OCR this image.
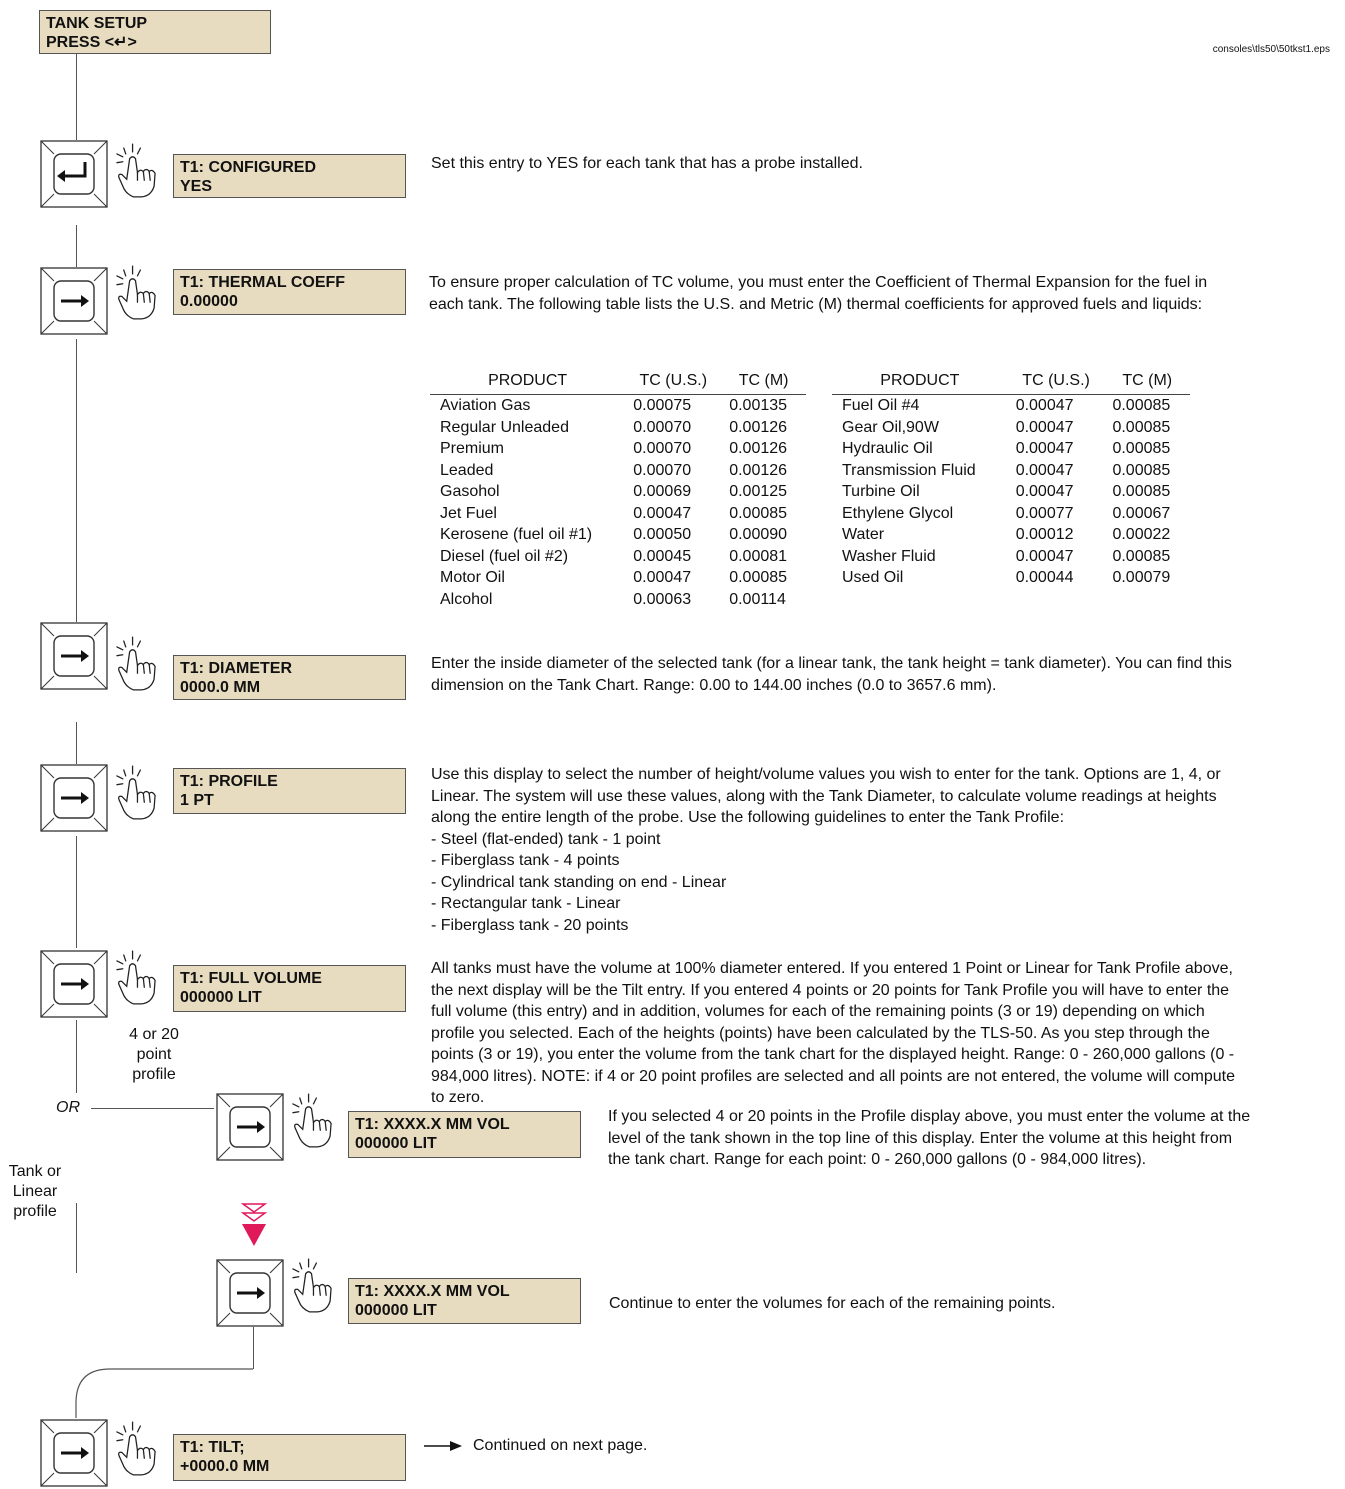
TANK SETUP
PRESS <↵>	consoles\tls50\50tkst1.eps
T1: CONFIGURED
YES
Set this entry to YES for each tank that has a probe installed.
T1: THERMAL COEFF
0.00000
To ensure proper calculation of TC volume, you must enter the Coefficient of Thermal Expansion for the fuel in
each tank. The following table lists the U.S. and Metric (M) thermal coefficients for approved fuels and liquids:
PRODUCT	TC (U.S.)	TC (M)
Aviation Gas	0.00075	0.00135
Regular Unleaded	0.00070	0.00126
Premium	0.00070	0.00126
Leaded	0.00070	0.00126
Gasohol	0.00069	0.00125
Jet Fuel	0.00047	0.00085
Kerosene (fuel oil #1)	0.00050	0.00090
Diesel (fuel oil #2)	0.00045	0.00081
Motor Oil	0.00047	0.00085
Alcohol	0.00063	0.00114
PRODUCT	TC (U.S.)	TC (M)
Fuel Oil #4	0.00047	0.00085
Gear Oil,90W	0.00047	0.00085
Hydraulic Oil	0.00047	0.00085
Transmission Fluid	0.00047	0.00085
Turbine Oil	0.00047	0.00085
Ethylene Glycol	0.00077	0.00067
Water	0.00012	0.00022
Washer Fluid	0.00047	0.00085
Used Oil	0.00044	0.00079
T1: DIAMETER
0000.0 MM
Enter the inside diameter of the selected tank (for a linear tank, the tank height = tank diameter). You can find this
dimension on the Tank Chart. Range: 0.00 to 144.00 inches (0.0 to 3657.6 mm).
T1: PROFILE
1 PT
Use this display to select the number of height/volume values you wish to enter for the tank. Options are 1, 4, or
Linear. The system will use these values, along with the Tank Diameter, to calculate volume readings at heights
along the entire length of the probe. Use the following guidelines to enter the Tank Profile:
- Steel (flat-ended) tank - 1 point
- Fiberglass tank - 4 points
- Cylindrical tank standing on end - Linear
- Rectangular tank - Linear
- Fiberglass tank - 20 points
T1: FULL VOLUME
000000 LIT
All tanks must have the volume at 100% diameter entered. If you entered 1 Point or Linear for Tank Profile above,
the next display will be the Tilt entry. If you entered 4 points or 20 points for Tank Profile you will have to enter the
full volume (this entry) and in addition, volumes for each of the remaining points (3 or 19) depending on which
profile you selected. Each of the heights (points) have been calculated by the TLS-50. As you step through the
points (3 or 19), you enter the volume from the tank chart for the displayed height. Range: 0 - 260,000 gallons (0 -
984,000 litres). NOTE: if 4 or 20 point profiles are selected and all points are not entered, the volume will compute
to zero.
4 or 20
point
profile
OR
Tank or
Linear
profile
T1: XXXX.X MM VOL
000000 LIT
If you selected 4 or 20 points in the Profile display above, you must enter the volume at the
level of the tank shown in the top line of this display. Enter the volume at this height from
the tank chart. Range for each point: 0 - 260,000 gallons (0 - 984,000 litres).
T1: XXXX.X MM VOL
000000 LIT	Continue to enter the volumes for each of the remaining points.
T1: TILT;
+0000.0 MM
Continued on next page.
